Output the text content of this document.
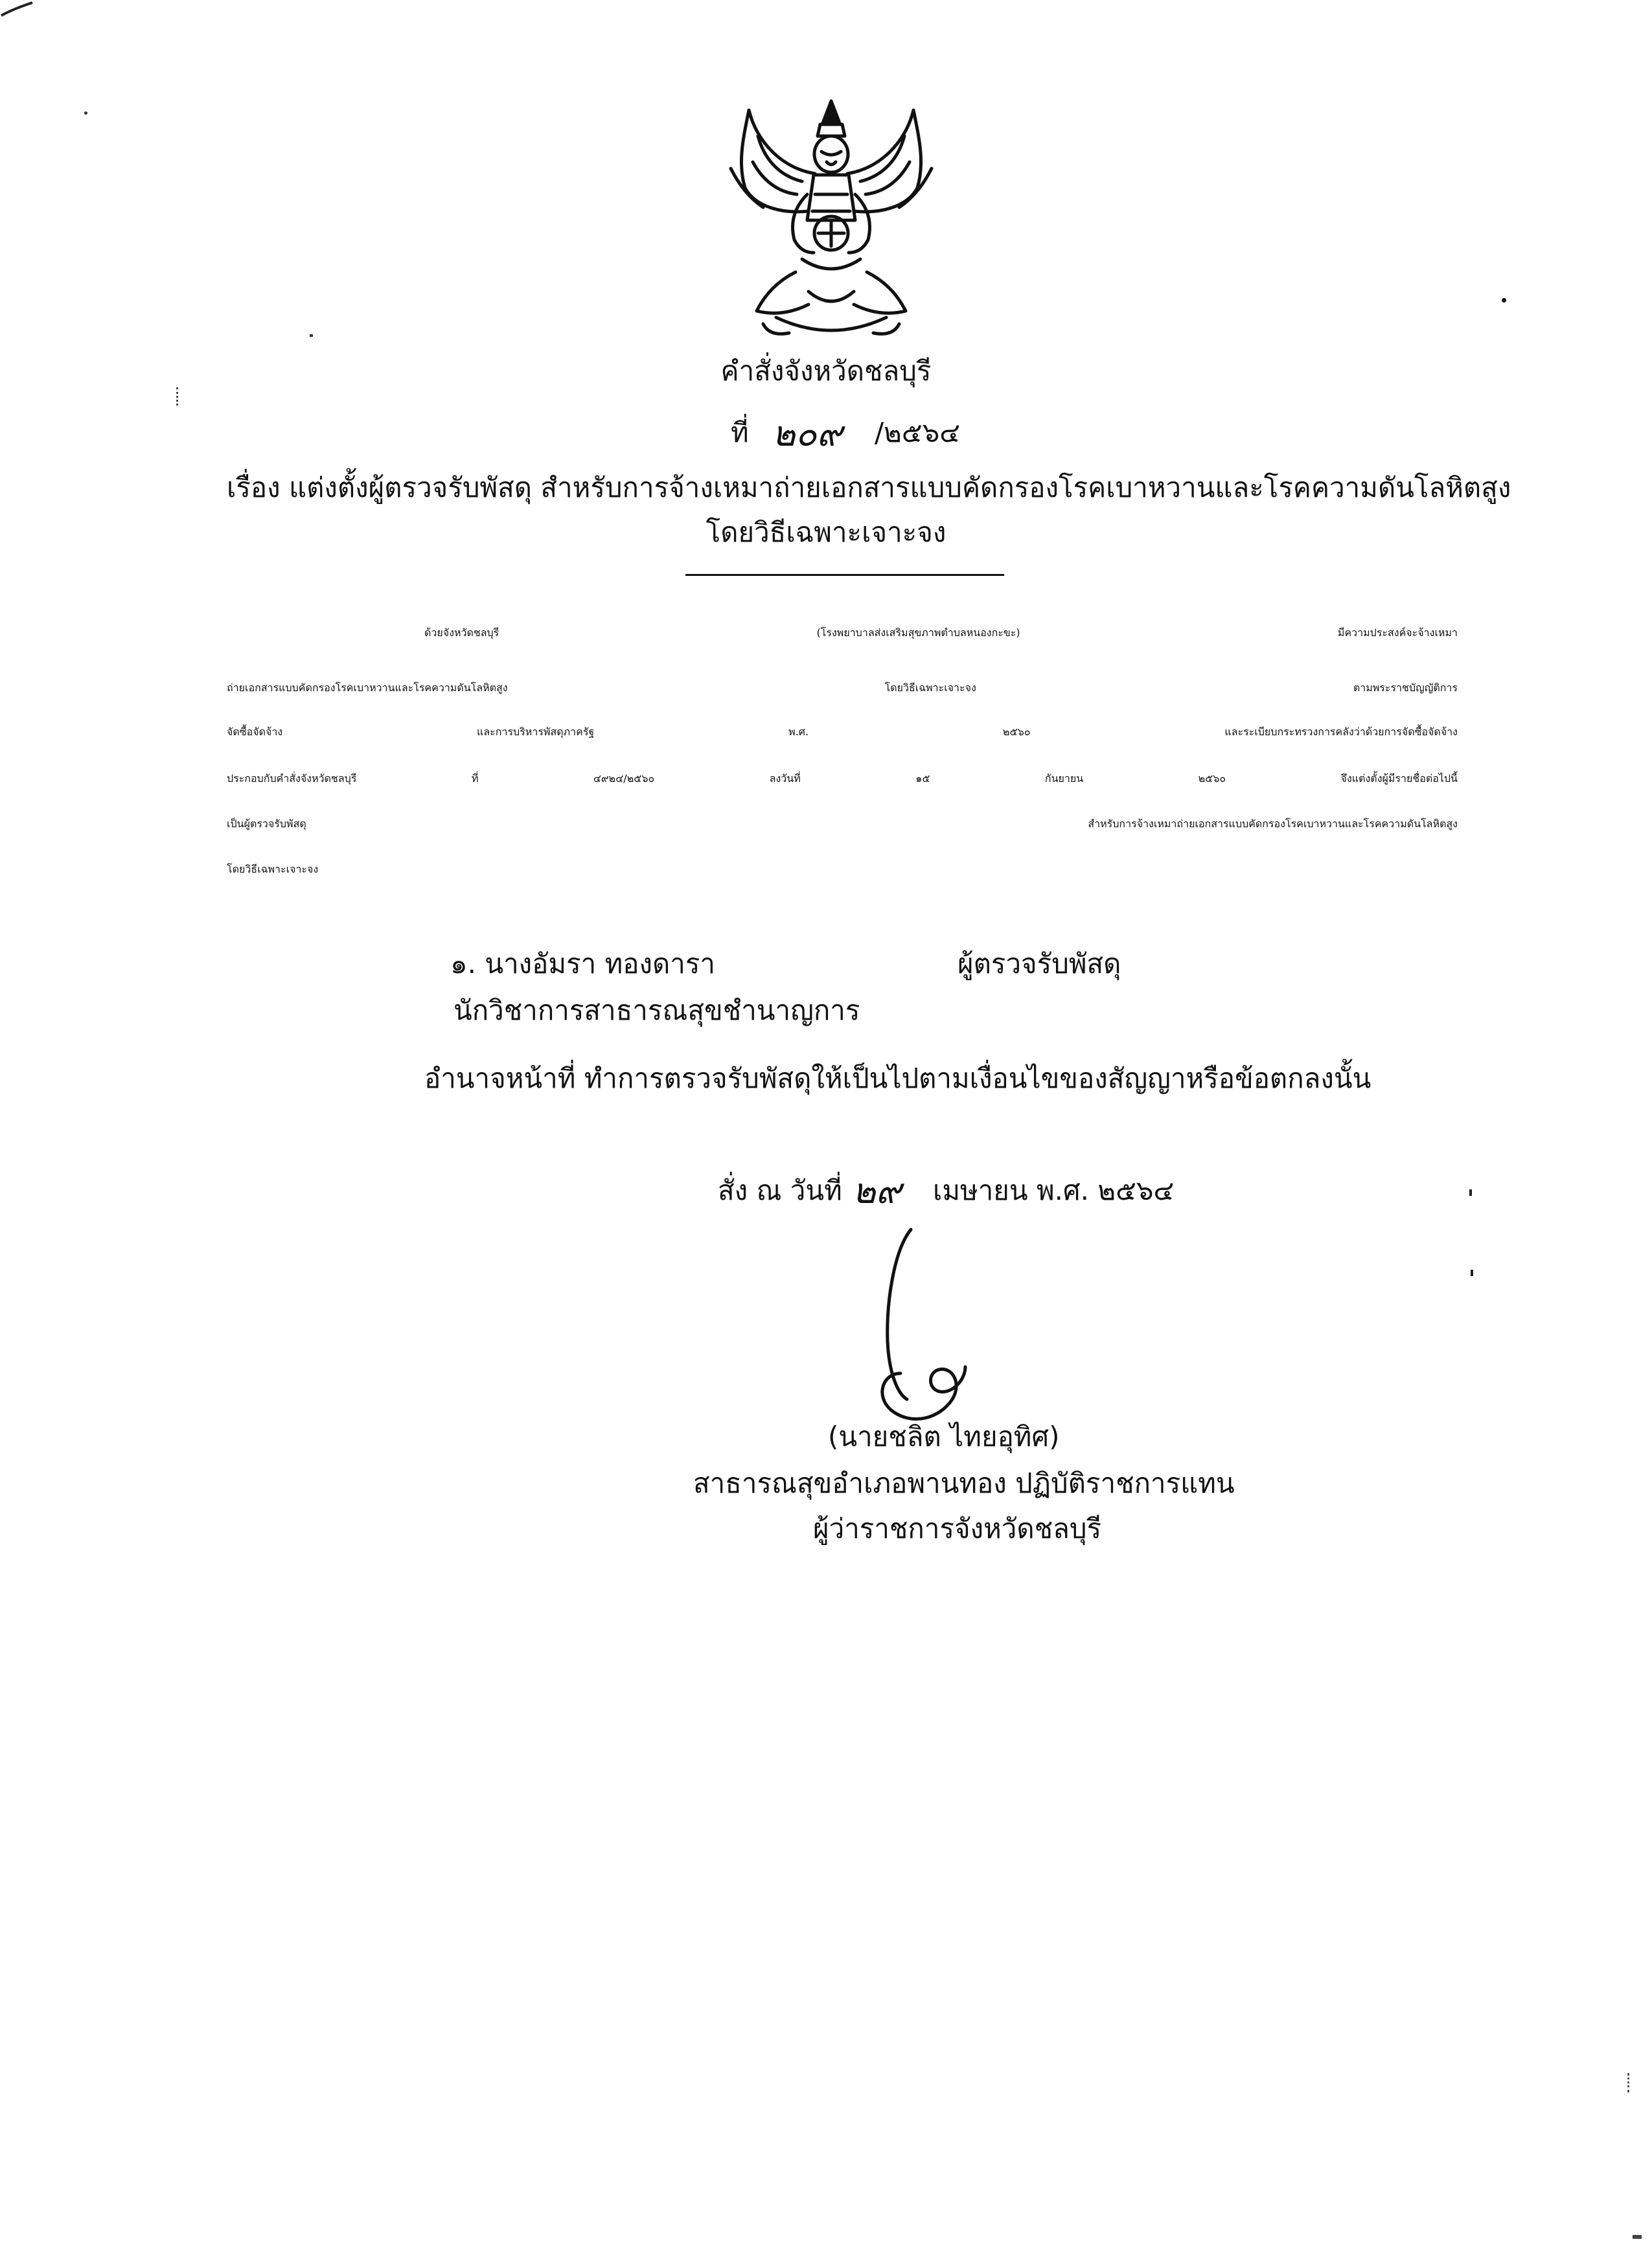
คำสั่งจังหวัดชลบุรี
ที่ ๒๐๙ /๒๕๖๔
เรื่อง แต่งตั้งผู้ตรวจรับพัสดุ สำหรับการจ้างเหมาถ่ายเอกสารแบบคัดกรองโรคเบาหวานและโรคความดันโลหิตสูง
โดยวิธีเฉพาะเจาะจง
ด้วยจังหวัดชลบุรี (โรงพยาบาลส่งเสริมสุขภาพตำบลหนองกะขะ) มีความประสงค์จะจ้างเหมา
ถ่ายเอกสารแบบคัดกรองโรคเบาหวานและโรคความดันโลหิตสูง โดยวิธีเฉพาะเจาะจง ตามพระราชบัญญัติการ
จัดซื้อจัดจ้าง และการบริหารพัสดุภาครัฐ พ.ศ. ๒๕๖๐ และระเบียบกระทรวงการคลังว่าด้วยการจัดซื้อจัดจ้าง
ประกอบกับคำสั่งจังหวัดชลบุรี ที่ ๔๙๒๔/๒๕๖๐ ลงวันที่ ๑๕ กันยายน ๒๕๖๐ จึงแต่งตั้งผู้มีรายชื่อต่อไปนี้
เป็นผู้ตรวจรับพัสดุ สำหรับการจ้างเหมาถ่ายเอกสารแบบคัดกรองโรคเบาหวานและโรคความดันโลหิตสูง
โดยวิธีเฉพาะเจาะจง
๑. นางอัมรา ทองดารา	ผู้ตรวจรับพัสดุ
นักวิชาการสาธารณสุขชำนาญการ
อำนาจหน้าที่ ทำการตรวจรับพัสดุให้เป็นไปตามเงื่อนไขของสัญญาหรือข้อตกลงนั้น
สั่ง ณ วันที่ ๒๙ เมษายน พ.ศ. ๒๕๖๔
(นายชลิต ไทยอุทิศ)
สาธารณสุขอำเภอพานทอง ปฏิบัติราชการแทน
ผู้ว่าราชการจังหวัดชลบุรี
